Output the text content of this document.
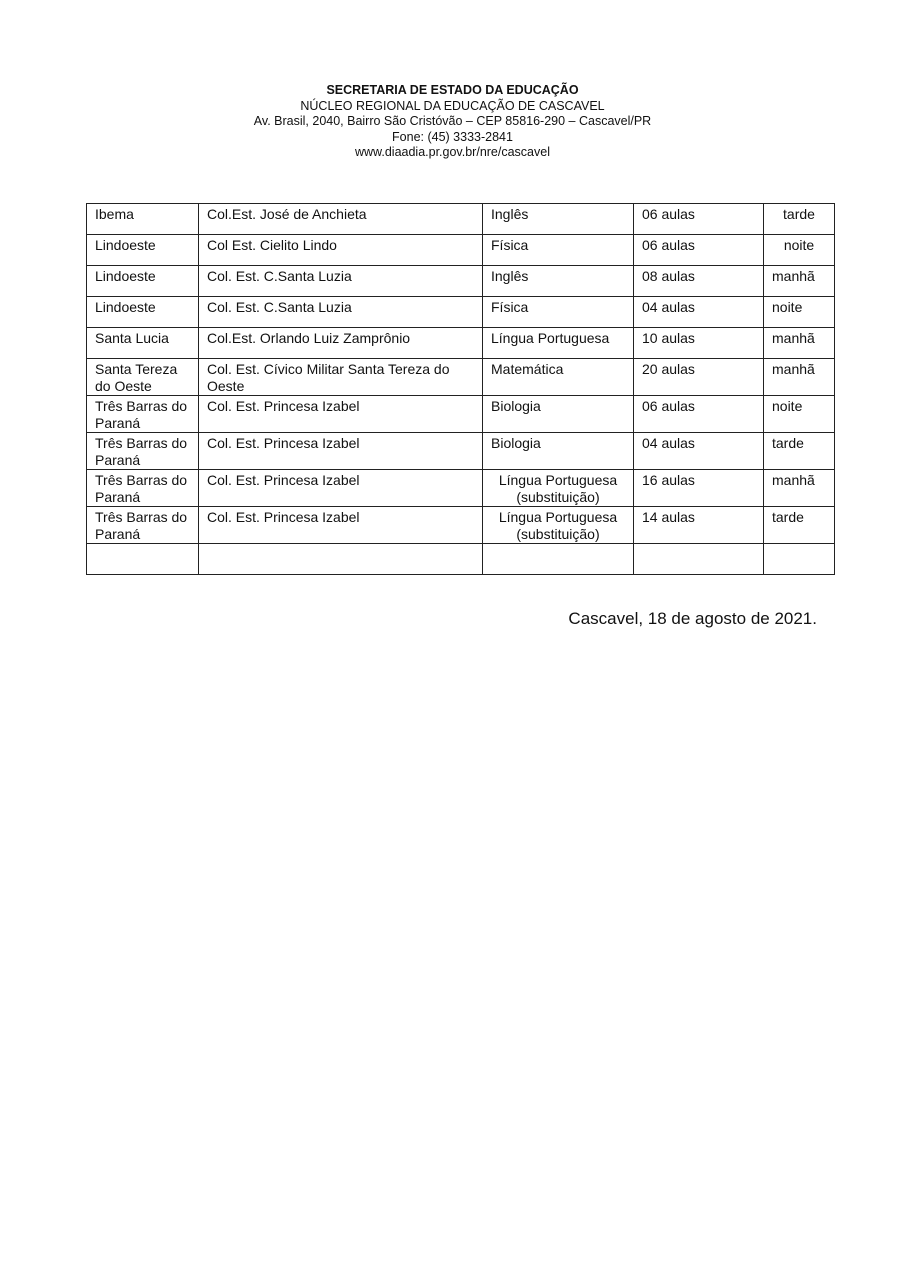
SECRETARIA DE ESTADO DA EDUCAÇÃO
NÚCLEO REGIONAL DA EDUCAÇÃO DE CASCAVEL
Av. Brasil, 2040, Bairro São Cristóvão – CEP 85816-290 – Cascavel/PR
Fone: (45) 3333-2841
www.diaadia.pr.gov.br/nre/cascavel
Ibema	Col.Est. José de Anchieta	Inglês	06 aulas	tarde
Lindoeste	Col Est. Cielito Lindo	Física	06 aulas	noite
Lindoeste	Col. Est. C.Santa Luzia	Inglês	08 aulas	manhã
Lindoeste	Col. Est. C.Santa Luzia	Física	04 aulas	noite
Santa Lucia	Col.Est. Orlando Luiz Zamprônio	Língua Portuguesa	10 aulas	manhã
Santa Tereza do Oeste	Col. Est. Cívico Militar Santa Tereza do Oeste	Matemática	20 aulas	manhã
Três Barras do Paraná	Col. Est. Princesa Izabel	Biologia	06 aulas	noite
Três Barras do Paraná	Col. Est. Princesa Izabel	Biologia	04 aulas	tarde
Três Barras do Paraná	Col. Est. Princesa Izabel	Língua Portuguesa (substituição)	16 aulas	manhã
Três Barras do Paraná	Col. Est. Princesa Izabel	Língua Portuguesa (substituição)	14 aulas	tarde

Cascavel, 18 de agosto de 2021.
